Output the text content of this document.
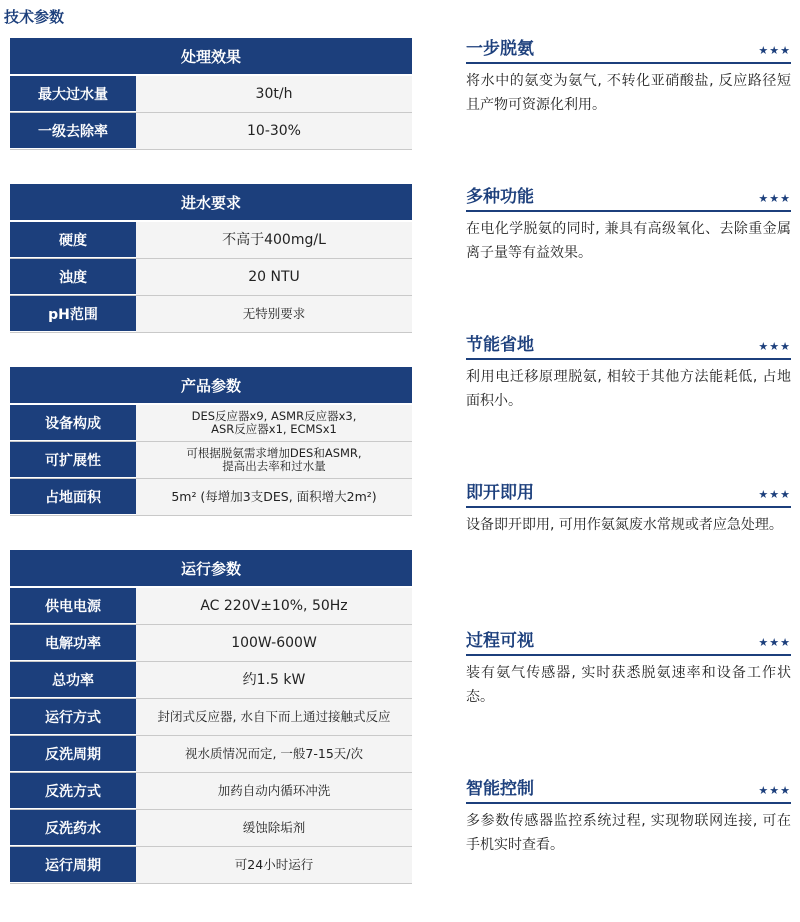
技术参数
处理效果
最大过水量	30t/h
一级去除率	10-30%
进水要求
硬度	不高于400mg/L
浊度	20 NTU
pH范围	无特别要求
产品参数
设备构成	DES反应器x9, ASMR反应器x3,
ASR反应器x1, ECMSx1
可扩展性	可根据脱氨需求增加DES和ASMR,
提高出去率和过水量
占地面积	5m² (每增加3支DES, 面积增大2m²)
运行参数
供电电源	AC 220V±10%, 50Hz
电解功率	100W-600W
总功率	约1.5 kW
运行方式	封闭式反应器, 水自下而上通过接触式反应
反洗周期	视水质情况而定, 一般7-15天/次
反洗方式	加药自动内循环冲洗
反洗药水	缓蚀除垢剂
运行周期	可24小时运行
一步脱氨	★★★
将水中的氨变为氨气, 不转化亚硝酸盐, 反应路径短且产物可资源化利用。
多种功能	★★★
在电化学脱氨的同时, 兼具有高级氧化、去除重金属离子量等有益效果。
节能省地	★★★
利用电迁移原理脱氨, 相较于其他方法能耗低, 占地面积小。
即开即用	★★★
设备即开即用, 可用作氨氮废水常规或者应急处理。
过程可视	★★★
装有氨气传感器, 实时获悉脱氨速率和设备工作状态。
智能控制	★★★
多参数传感器监控系统过程, 实现物联网连接, 可在手机实时查看。
